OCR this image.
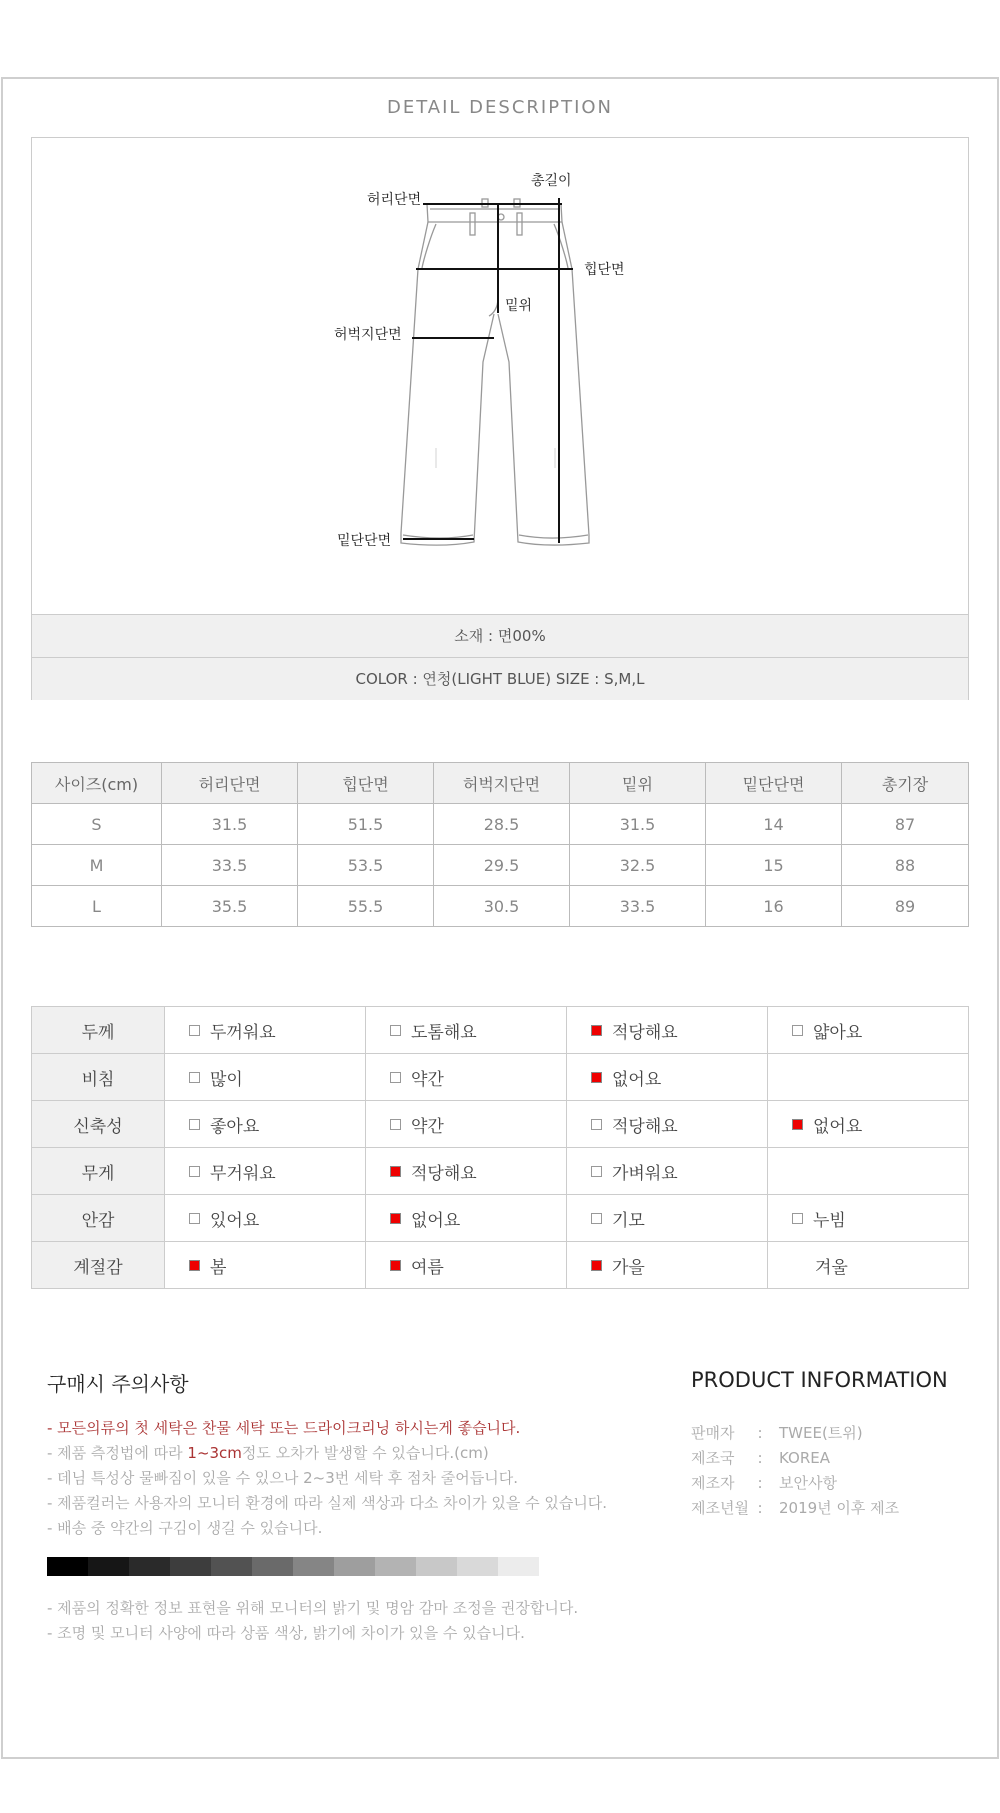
DETAIL DESCRIPTION
허리단면
총길이
힙단면
밑위
허벅지단면
밑단단면
소재 : 면00%
COLOR : 연청(LIGHT BLUE) SIZE : S,M,L
사이즈(cm)	허리단면	힙단면	허벅지단면	밑위	밑단단면	총기장
S	31.5	51.5	28.5	31.5	14	87
M	33.5	53.5	29.5	32.5	15	88
L	35.5	55.5	30.5	33.5	16	89
두께	두꺼워요	도톰해요	적당해요	얇아요
비침	많이	약간	없어요	
신축성	좋아요	약간	적당해요	없어요
무게	무거워요	적당해요	가벼워요	
안감	있어요	없어요	기모	누빔
계절감	봄	여름	가을	겨울
구매시 주의사항
- 모든의류의 첫 세탁은 찬물 세탁 또는 드라이크리닝 하시는게 좋습니다.
- 제품 측정법에 따라 1~3cm정도 오차가 발생할 수 있습니다.(cm)
- 데님 특성상 물빠짐이 있을 수 있으나 2~3번 세탁 후 점차 줄어듭니다.
- 제품컬러는 사용자의 모니터 환경에 따라 실제 색상과 다소 차이가 있을 수 있습니다.
- 배송 중 약간의 구김이 생길 수 있습니다.
- 제품의 정확한 정보 표현을 위해 모니터의 밝기 및 명암 감마 조정을 권장합니다.
- 조명 및 모니터 사양에 따라 상품 색상, 밝기에 차이가 있을 수 있습니다.
PRODUCT INFORMATION
판매자	:	TWEE(트위)
제조국	:	KOREA
제조자	:	보안사항
제조년월	:	2019년 이후 제조
